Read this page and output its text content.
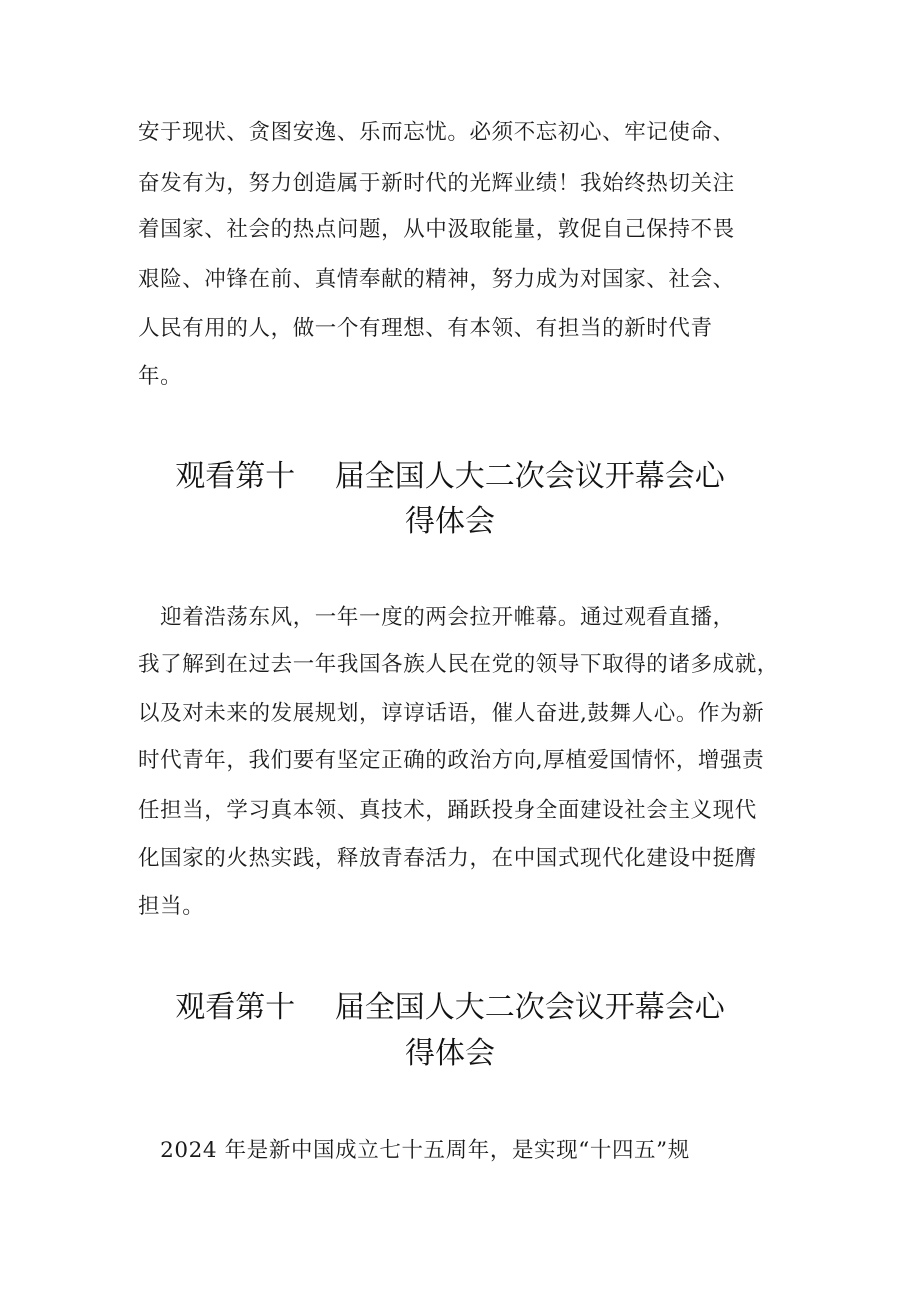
安于现状、贪图安逸、乐而忘忧。必须不忘初心、牢记使命、
奋发有为，努力创造属于新时代的光辉业绩！我始终热切关注
着国家、社会的热点问题，从中汲取能量，敦促自己保持不畏
艰险、冲锋在前、真情奉献的精神，努力成为对国家、社会、
人民有用的人，做一个有理想、有本领、有担当的新时代青
年。
观看第十　 届全国人大二次会议开幕会心
得体会
　迎着浩荡东风，一年一度的两会拉开帷幕。通过观看直播，
我了解到在过去一年我国各族人民在党的领导下取得的诸多成就，
以及对未来的发展规划，谆谆话语，催人奋进,鼓舞人心。作为新
时代青年，我们要有坚定正确的政治方向,厚植爱国情怀，增强责
任担当，学习真本领、真技术，踊跃投身全面建设社会主义现代
化国家的火热实践，释放青春活力，在中国式现代化建设中挺膺
担当。
观看第十　 届全国人大二次会议开幕会心
得体会
　2024 年是新中国成立七十五周年，是实现“十四五”规
